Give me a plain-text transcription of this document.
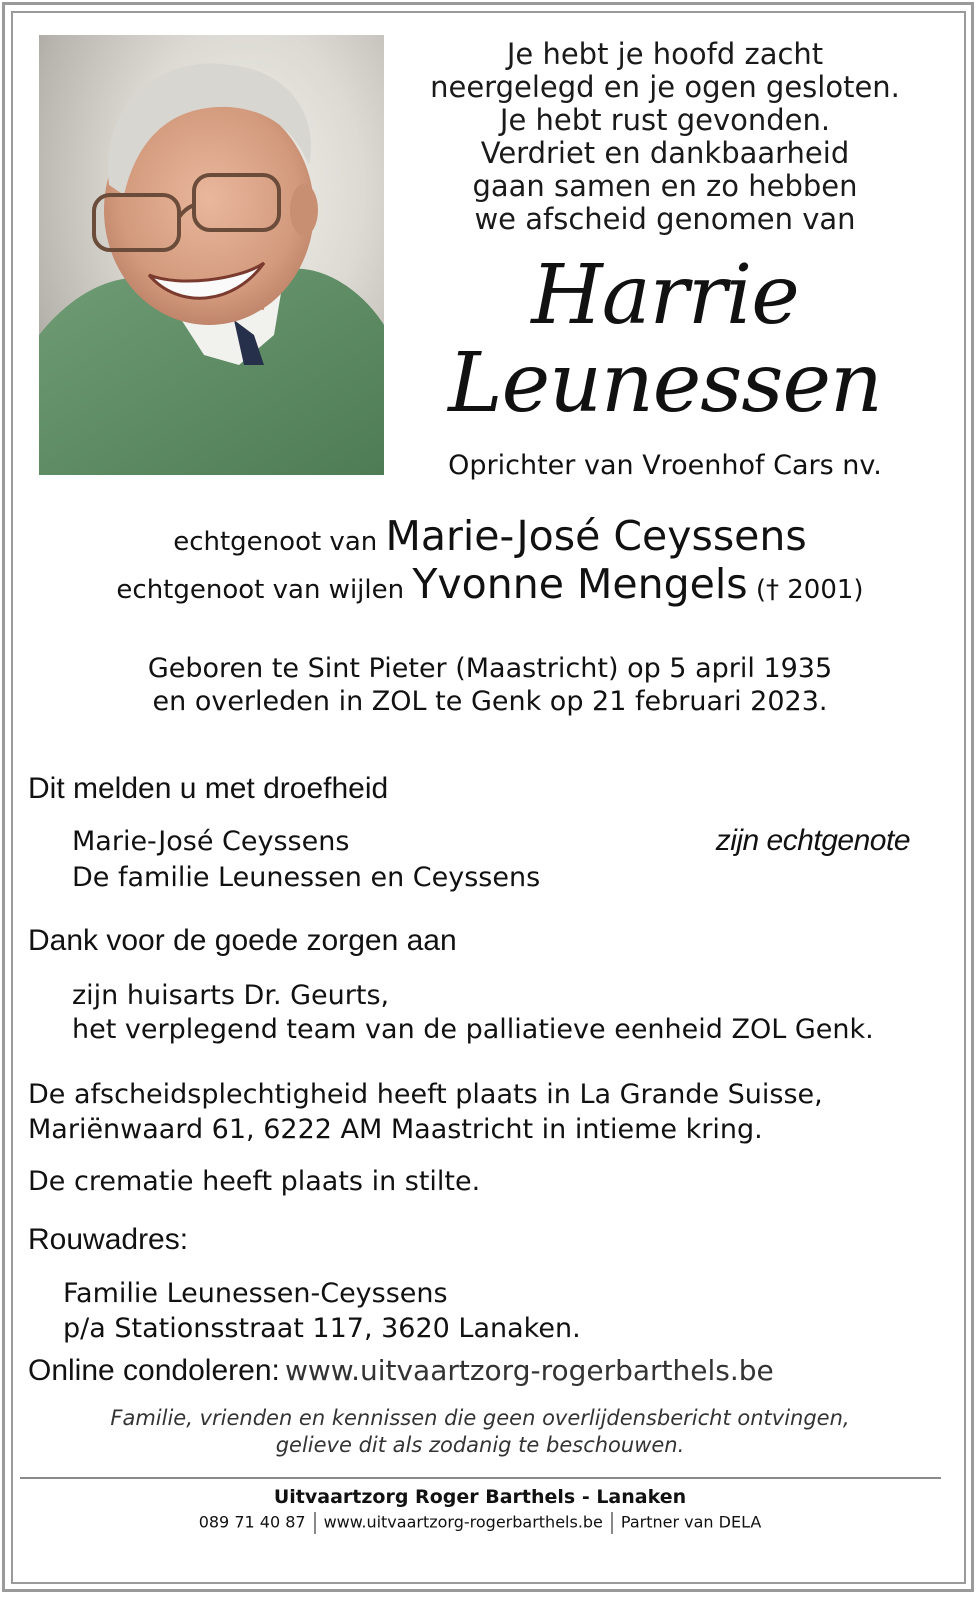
Je hebt je hoofd zacht
neergelegd en je ogen gesloten.
Je hebt rust gevonden.
Verdriet en dankbaarheid
gaan samen en zo hebben
we afscheid genomen van
Harrie
Leunessen
Oprichter van Vroenhof Cars nv.
echtgenoot van Marie-José Ceyssens
echtgenoot van wijlen Yvonne Mengels († 2001)
Geboren te Sint Pieter (Maastricht) op 5 april 1935
en overleden in ZOL te Genk op 21 februari 2023.
Dit melden u met droefheid
Marie-José Ceyssens
De familie Leunessen en Ceyssens
zijn echtgenote
Dank voor de goede zorgen aan
zijn huisarts Dr. Geurts,
het verplegend team van de palliatieve eenheid ZOL Genk.
De afscheidsplechtigheid heeft plaats in La Grande Suisse,
Mariënwaard 61, 6222 AM Maastricht in intieme kring.
De crematie heeft plaats in stilte.
Rouwadres:
Familie Leunessen-Ceyssens
p/a Stationsstraat 117, 3620 Lanaken.
Online condoleren: www.uitvaartzorg-rogerbarthels.be
Familie, vrienden en kennissen die geen overlijdensbericht ontvingen,
gelieve dit als zodanig te beschouwen.
Uitvaartzorg Roger Barthels - Lanaken
089 71 40 87 www.uitvaartzorg-rogerbarthels.be Partner van DELA
